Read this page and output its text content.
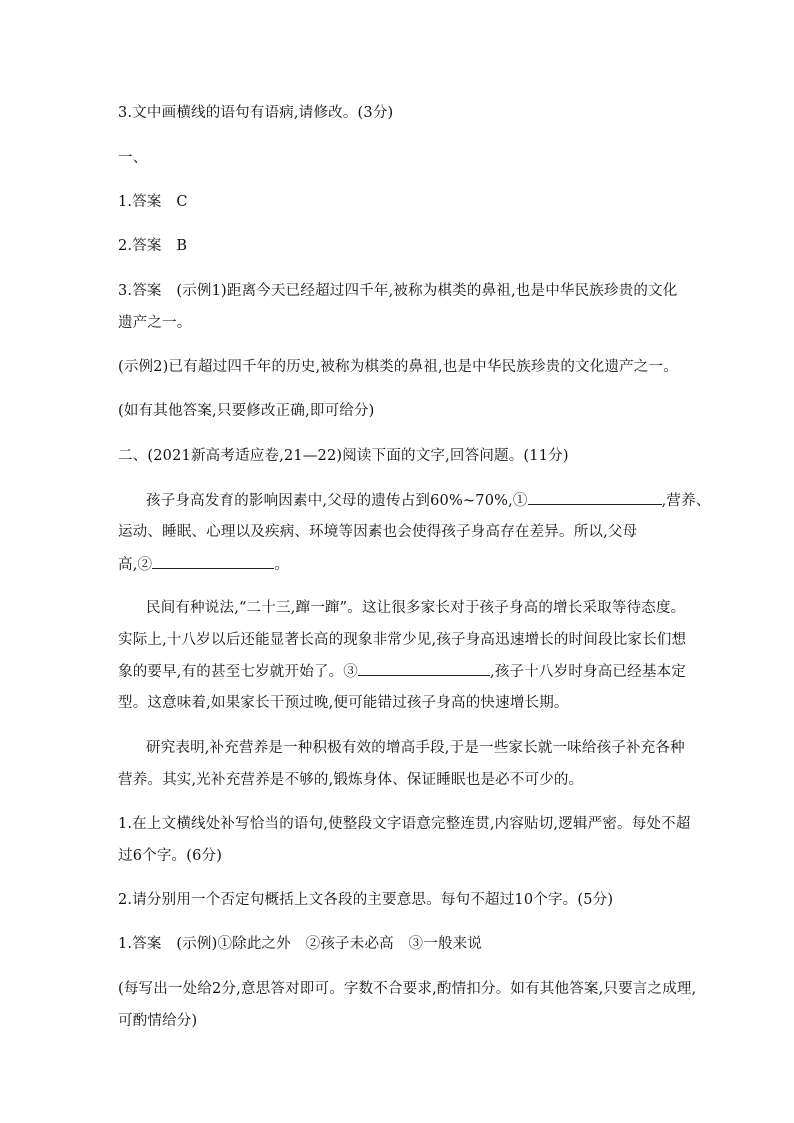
3.文中画横线的语句有语病,请修改。(3分)
一、
1.答案　C
2.答案　B
3.答案　(示例1)距离今天已经超过四千年,被称为棋类的鼻祖,也是中华民族珍贵的文化
遗产之一。
(示例2)已有超过四千年的历史,被称为棋类的鼻祖,也是中华民族珍贵的文化遗产之一。
(如有其他答案,只要修改正确,即可给分)
二、(2021新高考适应卷,21—22)阅读下面的文字,回答问题。(11分)
孩子身高发育的影响因素中,父母的遗传占到60%~70%,①	,营养、
运动、睡眠、心理以及疾病、环境等因素也会使得孩子身高存在差异。所以,父母
高,②	。
民间有种说法,“二十三,蹿一蹿”。这让很多家长对于孩子身高的增长采取等待态度。
实际上,十八岁以后还能显著长高的现象非常少见,孩子身高迅速增长的时间段比家长们想
象的要早,有的甚至七岁就开始了。③	,孩子十八岁时身高已经基本定
型。这意味着,如果家长干预过晚,便可能错过孩子身高的快速增长期。
研究表明,补充营养是一种积极有效的增高手段,于是一些家长就一味给孩子补充各种
营养。其实,光补充营养是不够的,锻炼身体、保证睡眠也是必不可少的。
1.在上文横线处补写恰当的语句,使整段文字语意完整连贯,内容贴切,逻辑严密。每处不超
过6个字。(6分)
2.请分别用一个否定句概括上文各段的主要意思。每句不超过10个字。(5分)
1.答案　(示例)①除此之外　②孩子未必高　③一般来说
(每写出一处给2分,意思答对即可。字数不合要求,酌情扣分。如有其他答案,只要言之成理,
可酌情给分)
